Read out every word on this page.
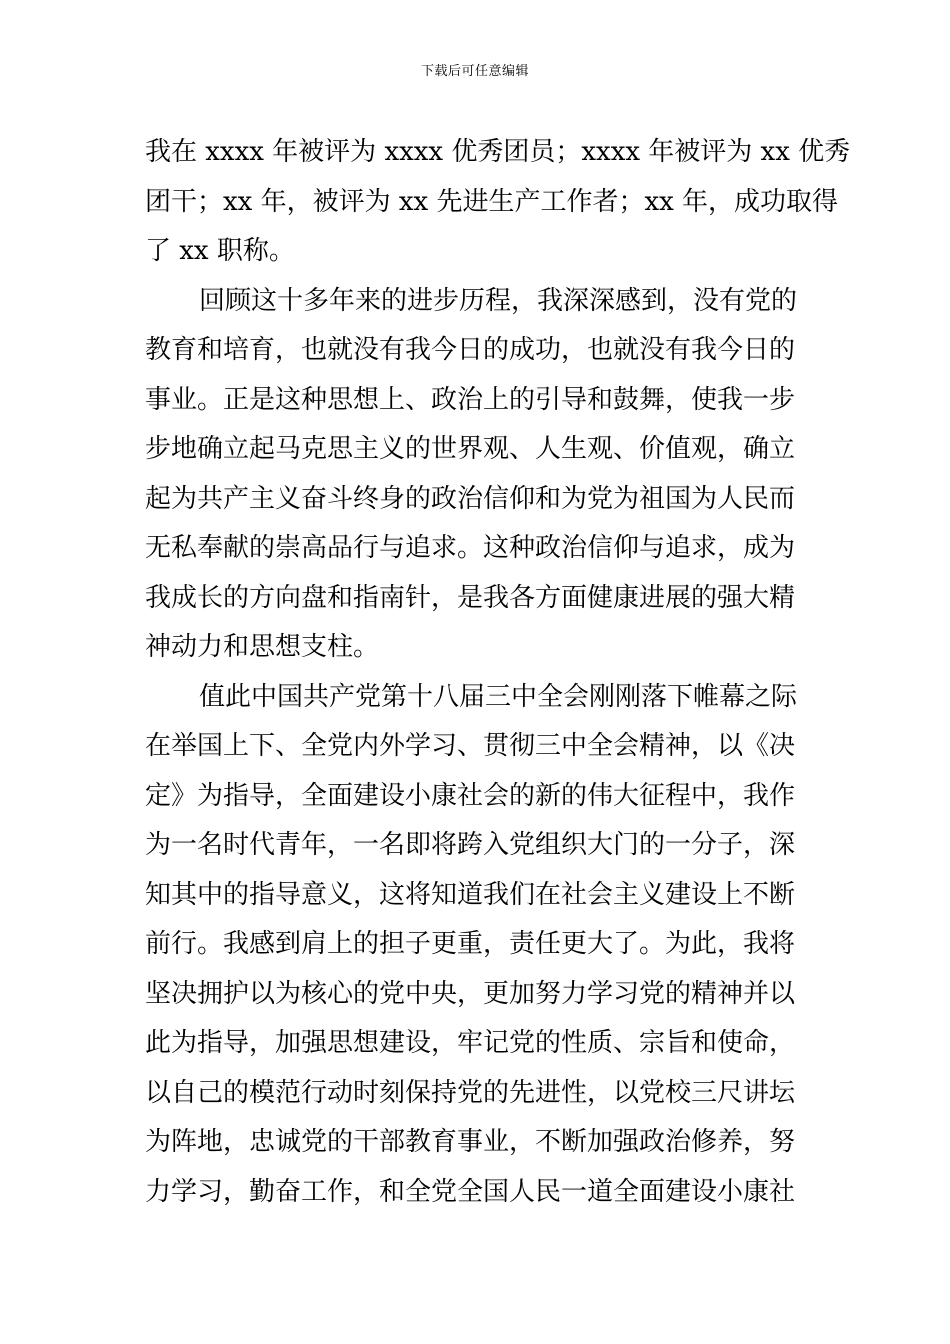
下载后可任意编辑
我在 xxxx 年被评为 xxxx 优秀团员；xxxx 年被评为 xx 优秀
团干；xx 年，被评为 xx 先进生产工作者；xx 年，成功取得
了 xx 职称。
回顾这十多年来的进步历程，我深深感到，没有党的
教育和培育，也就没有我今日的成功，也就没有我今日的
事业。正是这种思想上、政治上的引导和鼓舞，使我一步
步地确立起马克思主义的世界观、人生观、价值观，确立
起为共产主义奋斗终身的政治信仰和为党为祖国为人民而
无私奉献的崇高品行与追求。这种政治信仰与追求，成为
我成长的方向盘和指南针，是我各方面健康进展的强大精
神动力和思想支柱。
值此中国共产党第十八届三中全会刚刚落下帷幕之际
在举国上下、全党内外学习、贯彻三中全会精神，以《决
定》为指导，全面建设小康社会的新的伟大征程中，我作
为一名时代青年，一名即将跨入党组织大门的一分子，深
知其中的指导意义，这将知道我们在社会主义建设上不断
前行。我感到肩上的担子更重，责任更大了。为此，我将
坚决拥护以为核心的党中央，更加努力学习党的精神并以
此为指导，加强思想建设，牢记党的性质、宗旨和使命，
以自己的模范行动时刻保持党的先进性，以党校三尺讲坛
为阵地，忠诚党的干部教育事业，不断加强政治修养，努
力学习，勤奋工作，和全党全国人民一道全面建设小康社
